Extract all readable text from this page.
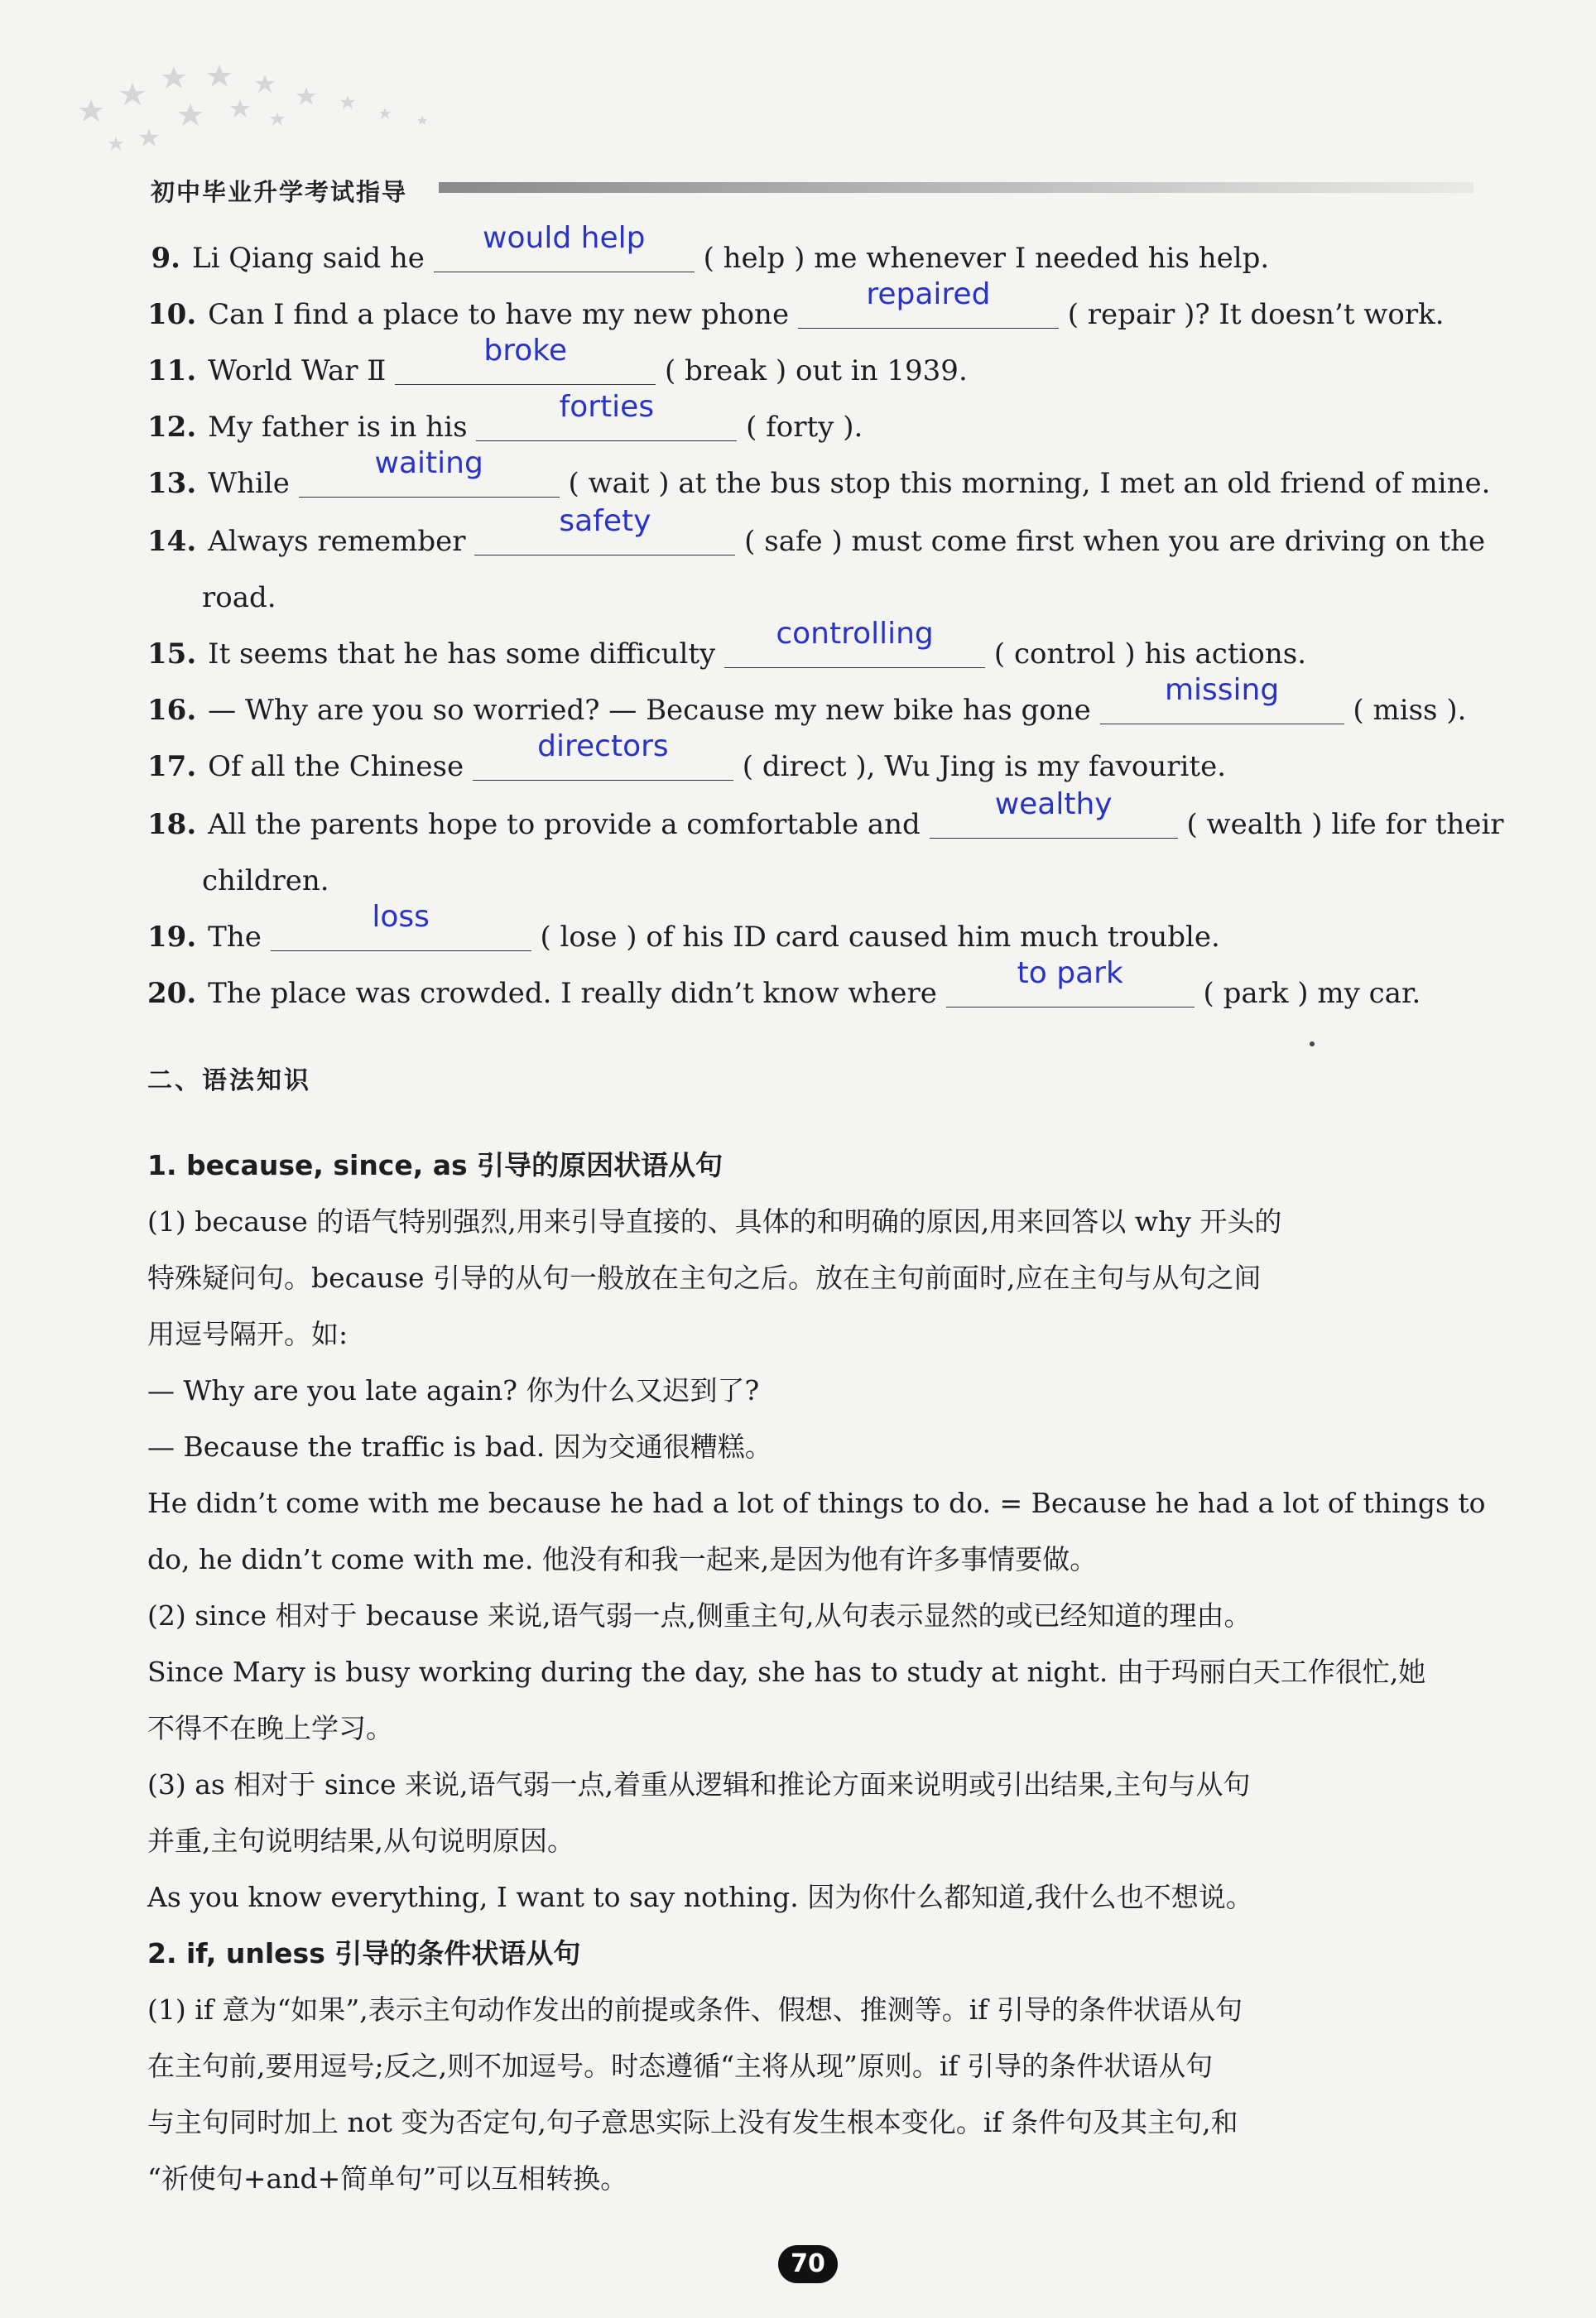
初中毕业升学考试指导
9. Li Qiang said he
would help
( help ) me whenever I needed his help.
10. Can I find a place to have my new phone
repaired
( repair )? It doesn’t work.
11. World War Ⅱ
broke
( break ) out in 1939.
12. My father is in his
forties
( forty ).
13. While
waiting
( wait ) at the bus stop this morning, I met an old friend of mine.
14. Always remember
safety
( safe ) must come first when you are driving on the
road.
15. It seems that he has some difficulty
controlling
( control ) his actions.
16. — Why are you so worried? — Because my new bike has gone
missing
( miss ).
17. Of all the Chinese
directors
( direct ), Wu Jing is my favourite.
18. All the parents hope to provide a comfortable and
wealthy
( wealth ) life for their
children.
19. The
loss
( lose ) of his ID card caused him much trouble.
20. The place was crowded. I really didn’t know where
to park
( park ) my car.
二、语法知识
1. because, since, as 引导的原因状语从句
(1) because 的语气特别强烈,用来引导直接的、具体的和明确的原因,用来回答以 why 开头的
特殊疑问句。because 引导的从句一般放在主句之后。放在主句前面时,应在主句与从句之间
用逗号隔开。如:
— Why are you late again? 你为什么又迟到了?
— Because the traffic is bad. 因为交通很糟糕。
He didn’t come with me because he had a lot of things to do. = Because he had a lot of things to
do, he didn’t come with me. 他没有和我一起来,是因为他有许多事情要做。
(2) since 相对于 because 来说,语气弱一点,侧重主句,从句表示显然的或已经知道的理由。
Since Mary is busy working during the day, she has to study at night. 由于玛丽白天工作很忙,她
不得不在晚上学习。
(3) as 相对于 since 来说,语气弱一点,着重从逻辑和推论方面来说明或引出结果,主句与从句
并重,主句说明结果,从句说明原因。
As you know everything, I want to say nothing. 因为你什么都知道,我什么也不想说。
2. if, unless 引导的条件状语从句
(1) if 意为“如果”,表示主句动作发出的前提或条件、假想、推测等。if 引导的条件状语从句
在主句前,要用逗号;反之,则不加逗号。时态遵循“主将从现”原则。if 引导的条件状语从句
与主句同时加上 not 变为否定句,句子意思实际上没有发生根本变化。if 条件句及其主句,和
“祈使句+and+简单句”可以互相转换。
70
